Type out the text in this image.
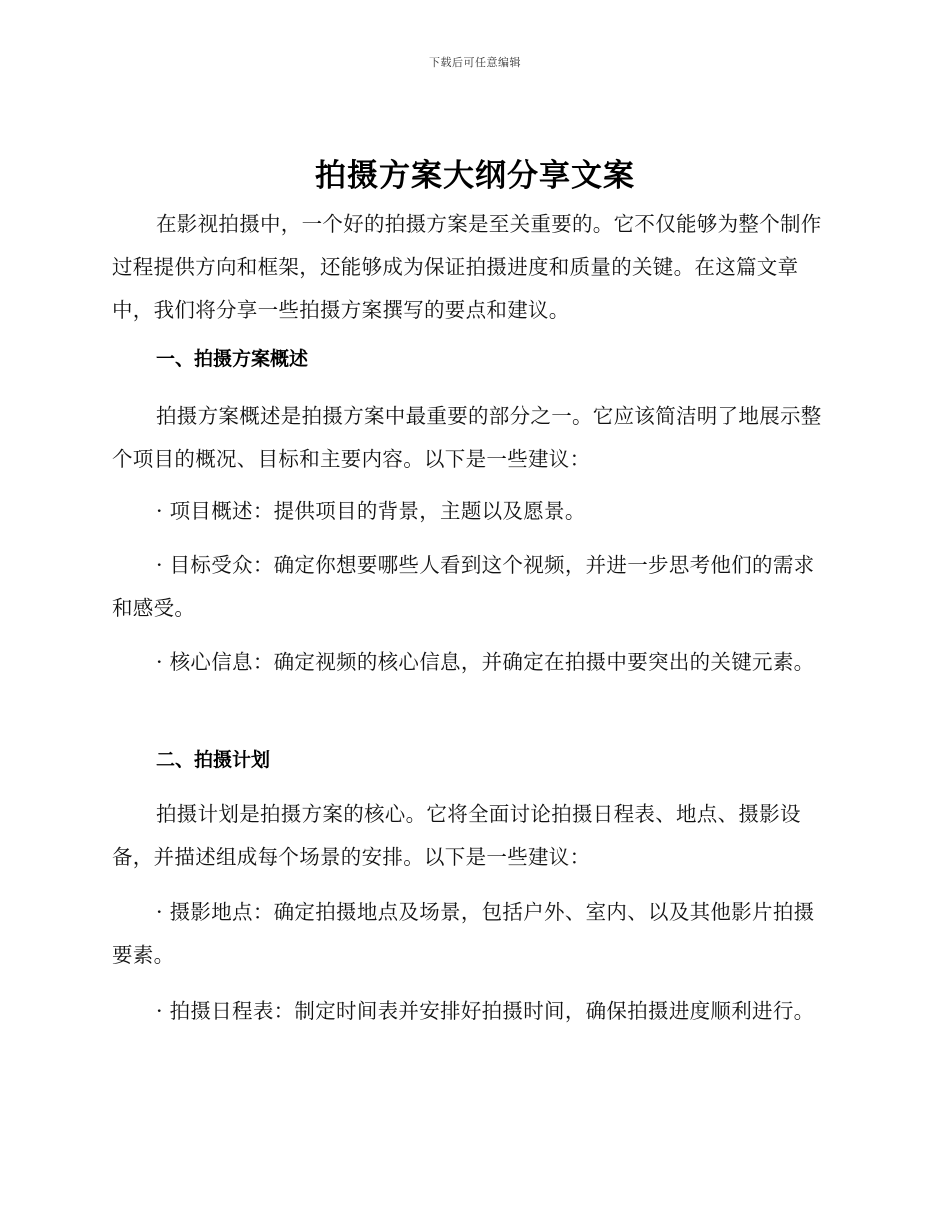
下载后可任意编辑
拍摄方案大纲分享文案

在影视拍摄中，一个好的拍摄方案是至关重要的。它不仅能够为整个制作过程提供方向和框架，还能够成为保证拍摄进度和质量的关键。在这篇文章中，我们将分享一些拍摄方案撰写的要点和建议。

一、拍摄方案概述

拍摄方案概述是拍摄方案中最重要的部分之一。它应该简洁明了地展示整个项目的概况、目标和主要内容。以下是一些建议：

· 项目概述：提供项目的背景，主题以及愿景。

· 目标受众：确定你想要哪些人看到这个视频，并进一步思考他们的需求和感受。

· 核心信息：确定视频的核心信息，并确定在拍摄中要突出的关键元素。

二、拍摄计划

拍摄计划是拍摄方案的核心。它将全面讨论拍摄日程表、地点、摄影设备，并描述组成每个场景的安排。以下是一些建议：

· 摄影地点：确定拍摄地点及场景，包括户外、室内、以及其他影片拍摄要素。

· 拍摄日程表：制定时间表并安排好拍摄时间，确保拍摄进度顺利进行。
